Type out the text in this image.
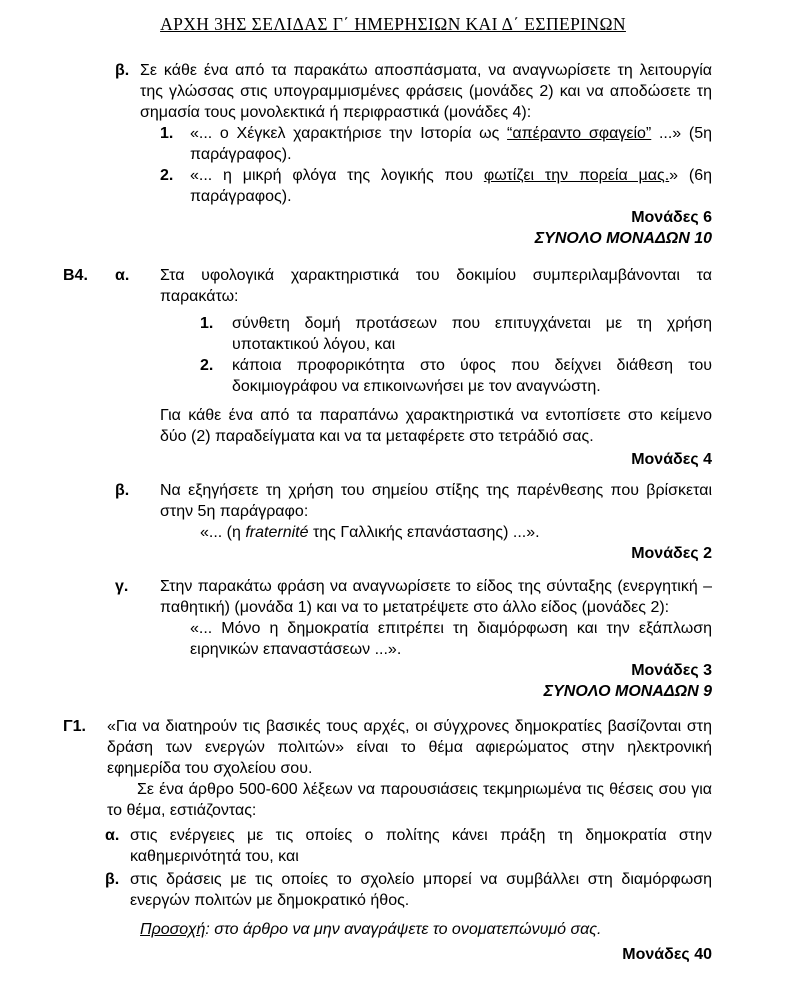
ΑΡΧΗ 3ΗΣ ΣΕΛΙΔΑΣ Γ΄ ΗΜΕΡΗΣΙΩΝ ΚΑΙ Δ΄ ΕΣΠΕΡΙΝΩΝ
β. Σε κάθε ένα από τα παρακάτω αποσπάσματα, να αναγνωρίσετε τη λειτουργία της γλώσσας στις υπογραμμισμένες φράσεις (μονάδες 2) και να αποδώσετε τη σημασία τους μονολεκτικά ή περιφραστικά (μονάδες 4):
1.	«... ο Χέγκελ χαρακτήρισε την Ιστορία ως “απέραντο σφαγείο” ...» (5η παράγραφος).
2.	«... η μικρή φλόγα της λογικής που φωτίζει την πορεία μας.» (6η παράγραφος).
Μονάδες 6
ΣΥΝΟΛΟ ΜΟΝΑΔΩΝ 10
Β4.	α.	Στα υφολογικά χαρακτηριστικά του δοκιμίου συμπεριλαμβάνονται τα παρακάτω:
1.	σύνθετη δομή προτάσεων που επιτυγχάνεται με τη χρήση υποτακτικού λόγου, και
2.	κάποια προφορικότητα στο ύφος που δείχνει διάθεση του δοκιμιογράφου να επικοινωνήσει με τον αναγνώστη.
Για κάθε ένα από τα παραπάνω χαρακτηριστικά να εντοπίσετε στο κείμενο δύο (2) παραδείγματα και να τα μεταφέρετε στο τετράδιό σας.
Μονάδες 4
β.	Να εξηγήσετε τη χρήση του σημείου στίξης της παρένθεσης που βρίσκεται στην 5η παράγραφο:
«... (η fraternité της Γαλλικής επανάστασης) ...».
Μονάδες 2
γ.	Στην παρακάτω φράση να αναγνωρίσετε το είδος της σύνταξης (ενεργητική – παθητική) (μονάδα 1) και να το μετατρέψετε στο άλλο είδος (μονάδες 2):
«... Μόνο η δημοκρατία επιτρέπει τη διαμόρφωση και την εξάπλωση ειρηνικών επαναστάσεων ...».
Μονάδες 3
ΣΥΝΟΛΟ ΜΟΝΑΔΩΝ 9
Γ1.	«Για να διατηρούν τις βασικές τους αρχές, οι σύγχρονες δημοκρατίες βασίζονται στη δράση των ενεργών πολιτών» είναι το θέμα αφιερώματος στην ηλεκτρονική εφημερίδα του σχολείου σου.
Σε ένα άρθρο 500-600 λέξεων να παρουσιάσεις τεκμηριωμένα τις θέσεις σου για το θέμα, εστιάζοντας:
α. στις ενέργειες με τις οποίες ο πολίτης κάνει πράξη τη δημοκρατία στην καθημερινότητά του, και
β. στις δράσεις με τις οποίες το σχολείο μπορεί να συμβάλλει στη διαμόρφωση ενεργών πολιτών με δημοκρατικό ήθος.
Προσοχή: στο άρθρο να μην αναγράψετε το ονοματεπώνυμό σας.
Μονάδες 40
